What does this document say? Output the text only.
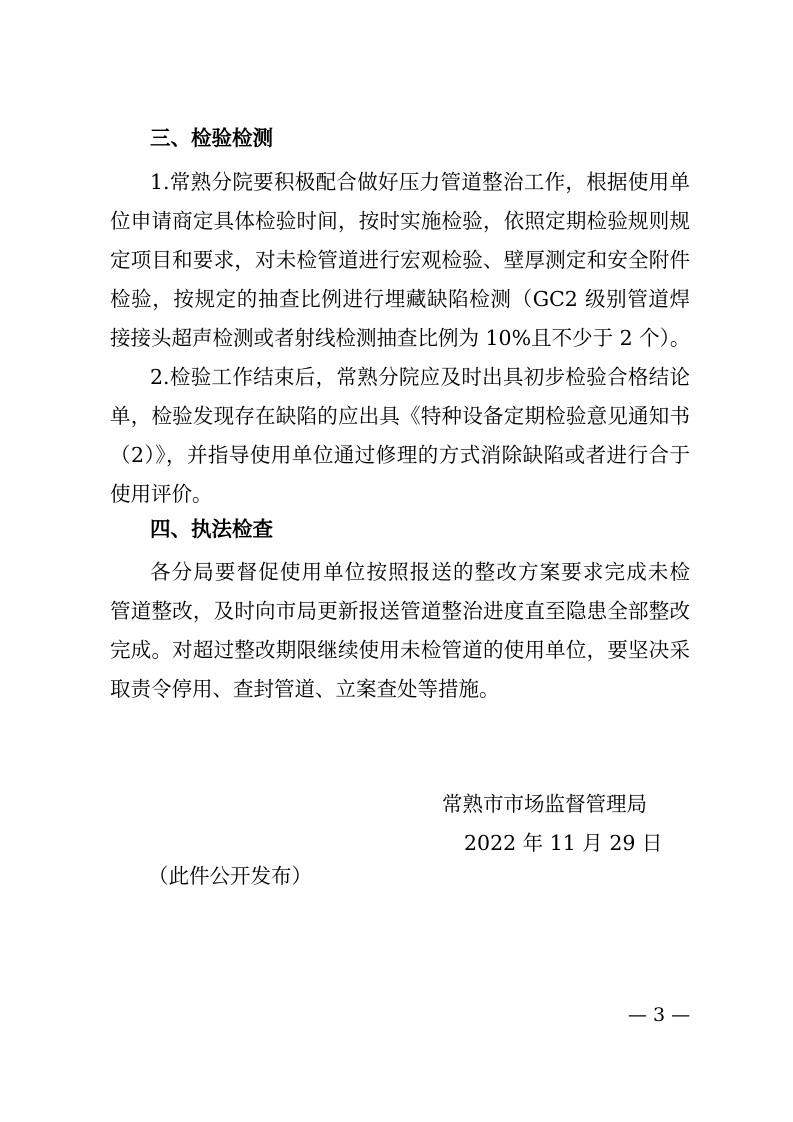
三、检验检测
1.常熟分院要积极配合做好压力管道整治工作，根据使用单
位申请商定具体检验时间，按时实施检验，依照定期检验规则规
定项目和要求，对未检管道进行宏观检验、壁厚测定和安全附件
检验，按规定的抽查比例进行埋藏缺陷检测（GC2 级别管道焊
接接头超声检测或者射线检测抽查比例为 10%且不少于 2 个）。
2.检验工作结束后，常熟分院应及时出具初步检验合格结论
单，检验发现存在缺陷的应出具《特种设备定期检验意见通知书
（2）》，并指导使用单位通过修理的方式消除缺陷或者进行合于
使用评价。
四、执法检查
各分局要督促使用单位按照报送的整改方案要求完成未检
管道整改，及时向市局更新报送管道整治进度直至隐患全部整改
完成。对超过整改期限继续使用未检管道的使用单位，要坚决采
取责令停用、查封管道、立案查处等措施。
常熟市市场监督管理局
2022 年 11 月 29 日
（此件公开发布）
— 3 —
